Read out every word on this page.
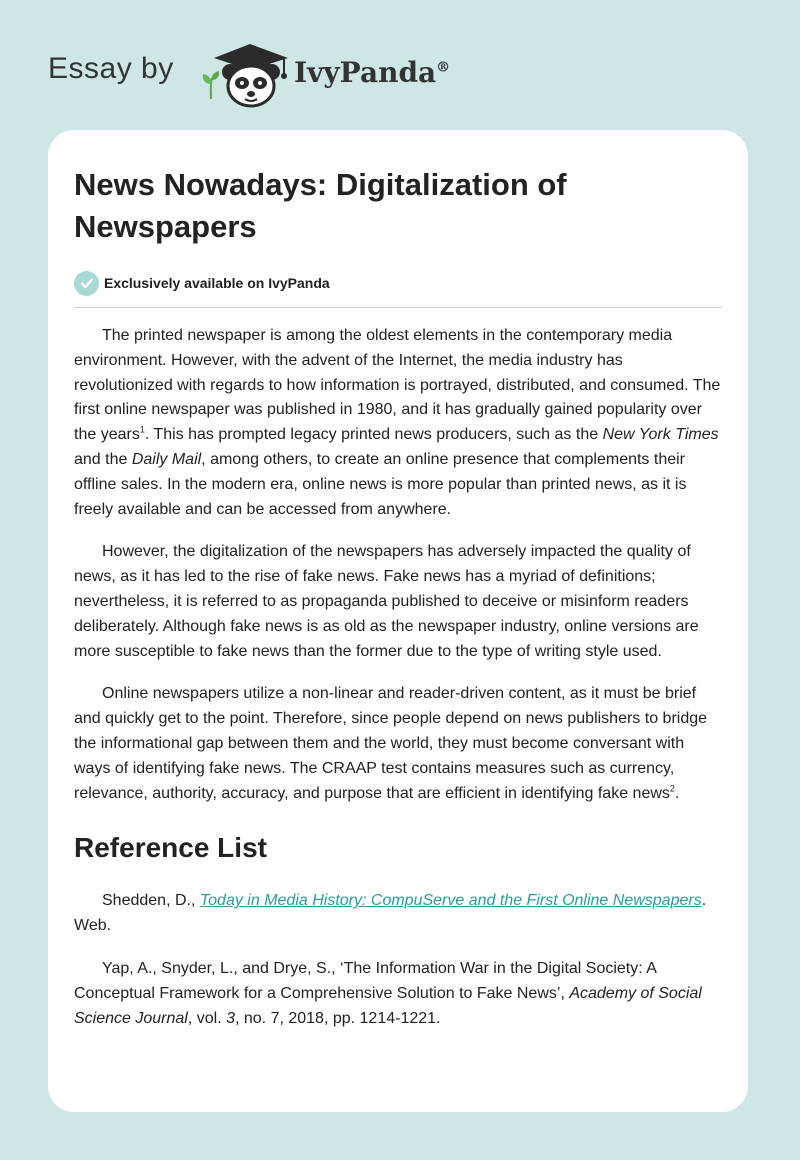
Essay by	IvyPanda®
News Nowadays: Digitalization of Newspapers
Exclusively available on IvyPanda

The printed newspaper is among the oldest elements in the contemporary media environment. However, with the advent of the Internet, the media industry has revolutionized with regards to how information is portrayed, distributed, and consumed. The first online newspaper was published in 1980, and it has gradually gained popularity over the years$^1$. This has prompted legacy printed news producers, such as the New York Times and the Daily Mail, among others, to create an online presence that complements their offline sales. In the modern era, online news is more popular than printed news, as it is freely available and can be accessed from anywhere.

However, the digitalization of the newspapers has adversely impacted the quality of news, as it has led to the rise of fake news. Fake news has a myriad of definitions; nevertheless, it is referred to as propaganda published to deceive or misinform readers deliberately. Although fake news is as old as the newspaper industry, online versions are more susceptible to fake news than the former due to the type of writing style used.

Online newspapers utilize a non-linear and reader-driven content, as it must be brief and quickly get to the point. Therefore, since people depend on news publishers to bridge the informational gap between them and the world, they must become conversant with ways of identifying fake news. The CRAAP test contains measures such as currency, relevance, authority, accuracy, and purpose that are efficient in identifying fake news$^2$.

Reference List

Shedden, D., Today in Media History: CompuServe and the First Online Newspapers. Web.

Yap, A., Snyder, L., and Drye, S., ‘The Information War in the Digital Society: A Conceptual Framework for a Comprehensive Solution to Fake News’, Academy of Social Science Journal, vol. 3, no. 7, 2018, pp. 1214-1221.
